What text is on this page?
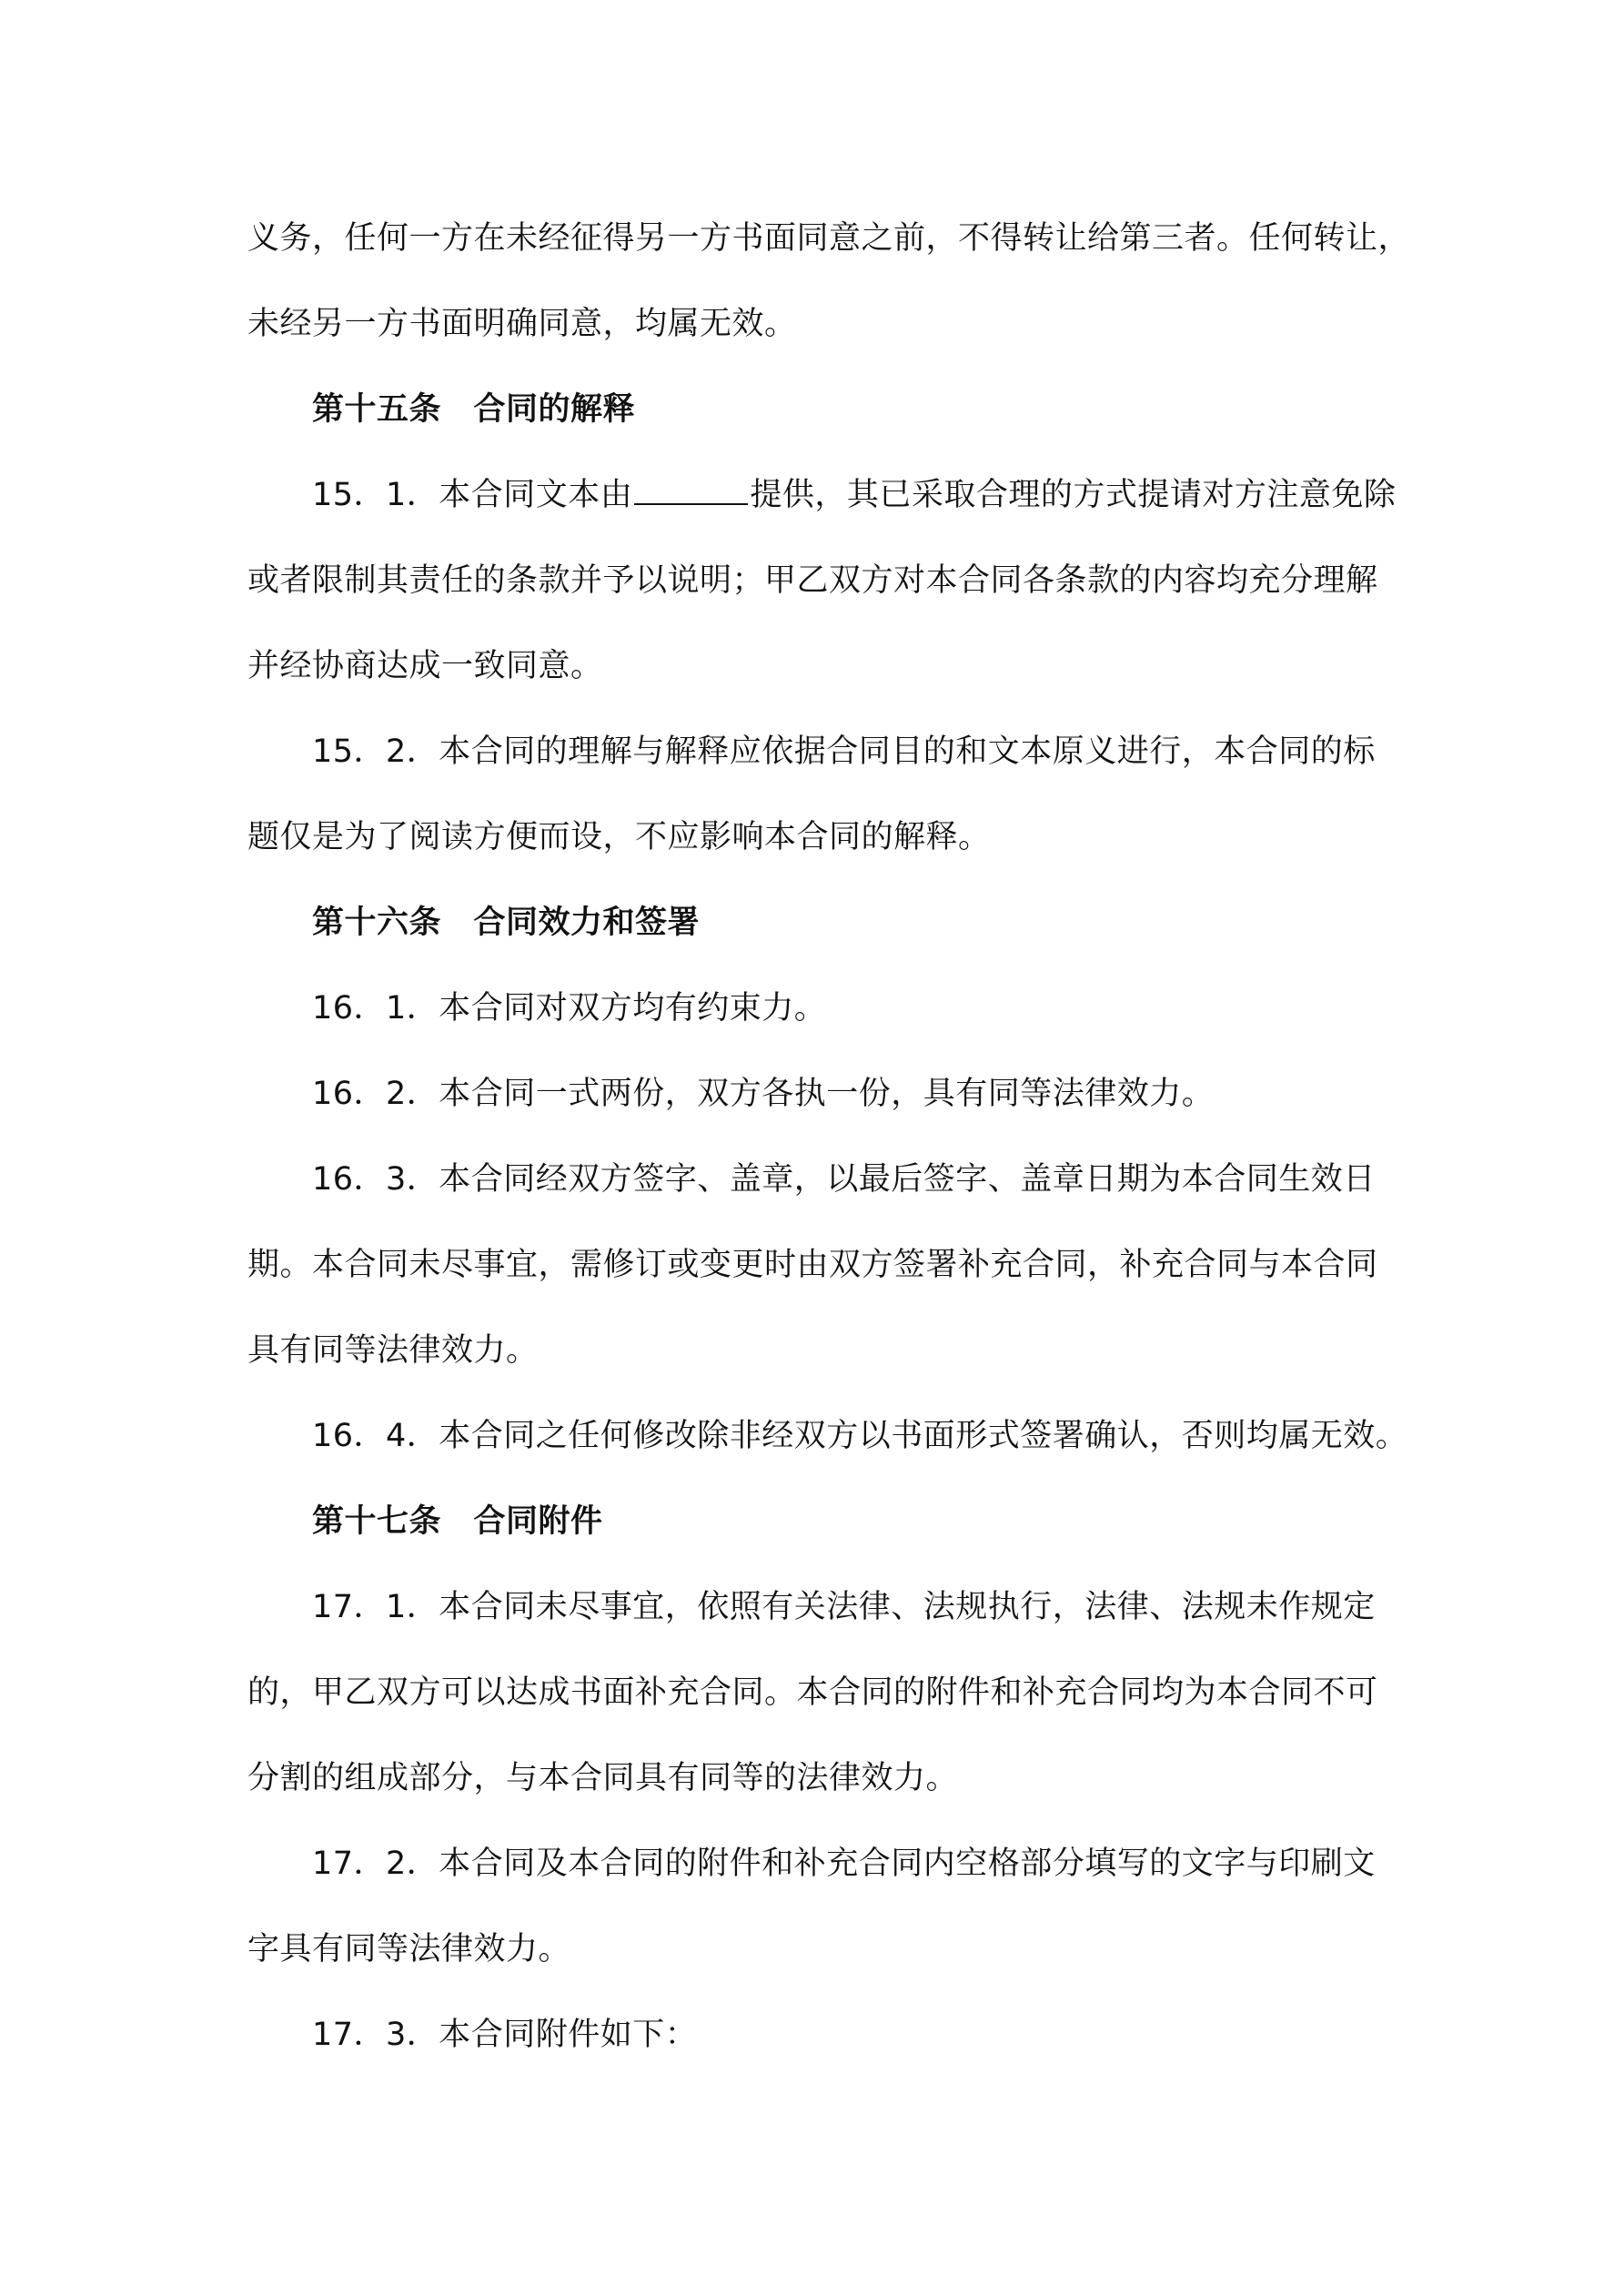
义务，任何一方在未经征得另一方书面同意之前，不得转让给第三者。任何转让，
未经另一方书面明确同意，均属无效。
第十五条　合同的解释
15．1．本合同文本由	提供，其已采取合理的方式提请对方注意免除
或者限制其责任的条款并予以说明；甲乙双方对本合同各条款的内容均充分理解
并经协商达成一致同意。
15．2．本合同的理解与解释应依据合同目的和文本原义进行，本合同的标
题仅是为了阅读方便而设，不应影响本合同的解释。
第十六条　合同效力和签署
16．1．本合同对双方均有约束力。
16．2．本合同一式两份，双方各执一份，具有同等法律效力。
16．3．本合同经双方签字、盖章，以最后签字、盖章日期为本合同生效日
期。本合同未尽事宜，需修订或变更时由双方签署补充合同，补充合同与本合同
具有同等法律效力。
16．4．本合同之任何修改除非经双方以书面形式签署确认，否则均属无效。
第十七条　合同附件
17．1．本合同未尽事宜，依照有关法律、法规执行，法律、法规未作规定
的，甲乙双方可以达成书面补充合同。本合同的附件和补充合同均为本合同不可
分割的组成部分，与本合同具有同等的法律效力。
17．2．本合同及本合同的附件和补充合同内空格部分填写的文字与印刷文
字具有同等法律效力。
17．3．本合同附件如下：
